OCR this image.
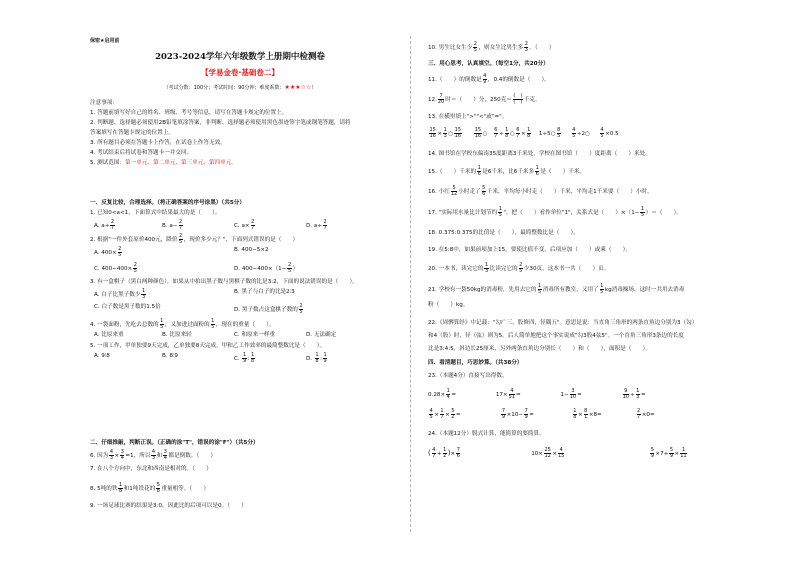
保密★启用前
2023-2024学年六年级数学上册期中检测卷
【学易金卷·基础卷二】
（考试分数：100分；考试时间：90分钟；难度系数：★★★☆☆）
注意事项：
1. 答题前填写好自己的姓名、班级、考号等信息，请写在答题卡规定的位置上。
2. 判断题、选择题必须使用2B铅笔填涂答案，非判断、选择题必须使用黑色墨迹签字笔或钢笔答题，请将
答案填写在答题卡规定的位置上。
3. 所有题目必须在答题卡上作答，在试卷上作答无效。
4. 考试结束后将试卷和答题卡一并交回。
5. 测试范围：第一单元、第二单元、第三单元、第四单元。
一、反复比较，合理选择。（将正确答案的序号涂黑）（共5分）
1. 已知0<a<1，下面算式中结果最大的是（　　）。
A. $a+ \frac{2}{7}$	B. $a- \frac{2}{7}$	C. $a\times \frac{2}{7}$	D. $a\div \frac{2}{7}$
2. 根据"一件外套原价400元，降价 $\frac{2}{5}$ ，现价多少元？"，下面列式错误的是（　　）
A. $400\times \frac{2}{5}$	B. 400−5×2
C. $400-400\times \frac{2}{5}$	D. $400-400\times(1- \frac{2}{5}$ ）
3. 有一盒棋子（黑白两种颜色），如果从中拍出黑子数与黑棋子数的比是3:2，下面的说法错误的是（　　）。
A. 白子比黑子数少 $\frac{1}{3}$	B. 黑子与白子的比是2∶3
C. 白子数是黑子数的1.5倍	D. 黑子数占这盒棋子数的 $\frac{2}{5}$
4. 一袋面粉，先吃去总数的 $\frac{1}{5}$ ，又加进过面粉的 $\frac{1}{5}$ ，现在的重量（　　）。
A. 比原来重	B. 比原来轻	C. 和原来一样重	D. 无法确定
5. 一项工作，甲单独要9天完成，乙单独要8天完成，甲和乙工作效率的最简整数比是（　　）。
A. 9∶8	B. 8∶9	C. $\frac{1}{9}$ : $\frac{1}{8}$	D. $\frac{1}{8}$ : $\frac{1}{9}$
二、仔细推敲，判断正误。（正确的涂"T"，错误的涂"F"）（共5分）
6. 因为 $\frac{4}{3} \times \frac{3}{4} =1$，所以 $\frac{4}{3}$ 和 $\frac{3}{4}$ 都是倒数。（　　）
7. 在八个方向中，东北和西南是相对的。（　　）
8. 5吨的铁 $\frac{1}{8}$ 和1吨铁花的 $\frac{5}{8}$ 重量相等。（　　）
9. 一场足球比赛的结果是3:0，因此比的后项可以是0。（　　）
10. 男生比女生少 $\frac{2}{5}$ ，则女生比男生多 $\frac{2}{3}$ 。（　　）
三、用心思考，认真填空。（每空1分，共20分）
11.（　　）的倒数是 $\frac{4}{9}$ ，0.4的倒数是（　　）。
12. $\frac{7}{20}$ 时＝（　　）分，250克＝ $\frac{( )}{( )}$ 千克。
13. 在横里填上">""<"或"="。
$\frac{15}{16} \times \frac{1}{3}$ ○ $\frac{15}{16}$
	$\frac{15}{16}$ ○ $\frac{6}{7} \div \frac{1}{8}$ ○ $\frac{6}{7} \times \frac{1}{8}$ 1÷5○ $\frac{8}{5}$
$\frac{4}{5}$ ÷2○ $\frac{4}{5} \times 0.5$
14. 图书馆在学校东偏南35度距离3千米处，学校在图书馆（　　）度距离（　　）米处。
15.（　　）千米的 $\frac{1}{6}$ 是6千米，比6千米多 $\frac{1}{6}$ 是（　　）千米。
16. 小红 $\frac{5}{12}$ 小时走了 $\frac{5}{6}$ 千米，平均每小时走（　　）千米，平均走1千米要（　　）小时。
17. "实际用水量比计划节约 $\frac{1}{5}$ "，把（　　）看作单位"1"，关系式是（　　）$\times(1- \frac{1}{5}$ ）＝（　　）。
18. 0.375:0.375的比值是（　　），最简整数比是（　　）。
19. 在5:8中，如果前项加上15，要使比值不变，后项应加（　　）或乘（　　）。
20. 一本书，读完它的 $\frac{1}{3}$ 比读完它的 $\frac{2}{5}$ 少30页，这本书一共（　　）页。
21. 学校有一袋50kg的消毒粉，先用去它的 $\frac{1}{5}$ 消毒所有教室，又用了 $\frac{1}{5}$ kg消毒操场，这时一共用去消毒
粉（　　）kg。
22.《周髀算经》中记载："勾广三，股修四，径隅五"。意思是说：当直角三角形的两条直角边分别为3（勾）
和4（股）时，径（弦）则为5。后人简单地把这个事实说成"勾3股4弦5"。一个直角三角形3条边的长度
比是3:4:5，斜边长25厘米，另外两条直角边分别长（　　）和（　　），面积是（　　）。
四、看清题目，巧思妙算。（共38分）
23.（本题4分）直接写出得数。
$0.28\times \frac{1}{4}$ =	$17\times \frac{4}{51}$ =	$1- \frac{3}{10}$ =	$\frac{9}{10} \div \frac{1}{3}$ =
$\frac{4}{5} \times \frac{1}{7} \times \frac{5}{2}$ =	$\frac{7}{9} \times 10- \frac{7}{9}$ =	$\frac{1}{8} \times \frac{8}{1} \times 8=$	$\frac{2}{7} \times 0=$
24.（本题12分）脱式计算，能简算的要简算。
( $\frac{4}{7} + \frac{1}{2}$ )× $\frac{7}{6}$	$10\times \frac{25}{12} \times \frac{4}{15}$
	$\frac{5}{9} \times 7+ \frac{5}{9} \times \frac{1}{11}$
